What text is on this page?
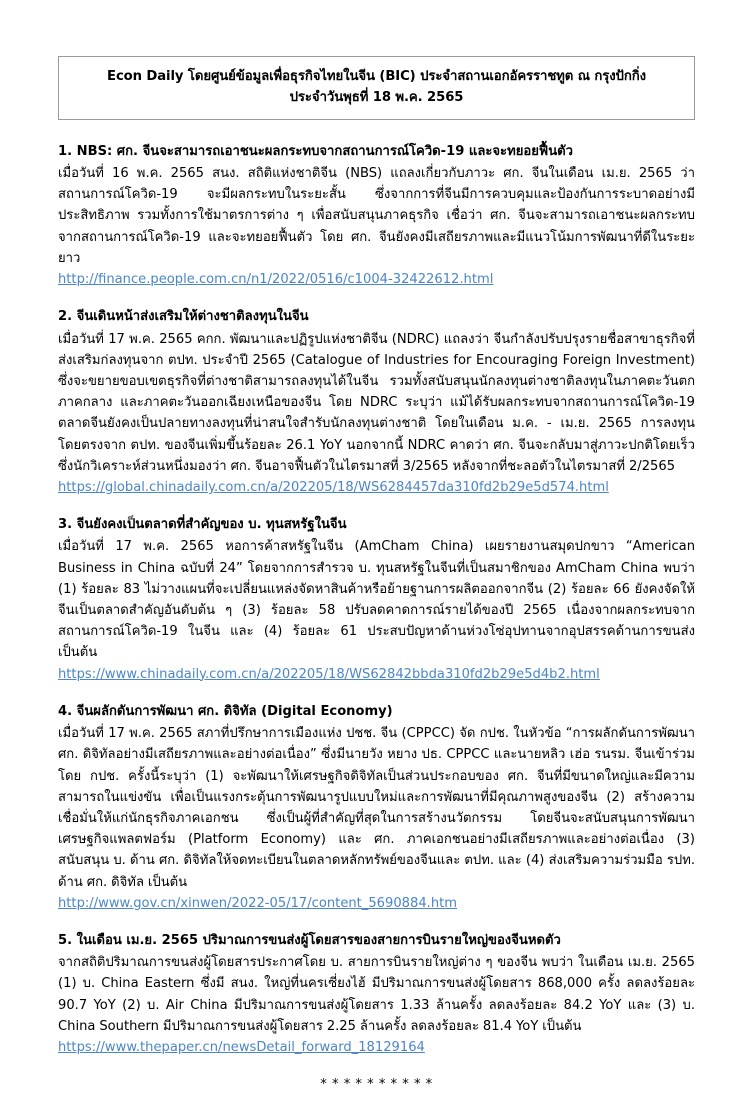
Econ Daily โดยศูนย์ข้อมูลเพื่อธุรกิจไทยในจีน (BIC) ประจำสถานเอกอัครราชทูต ณ กรุงปักกิ่ง
ประจำวันพุธที่ 18 พ.ค. 2565

1. NBS: ศก. จีนจะสามารถเอาชนะผลกระทบจากสถานการณ์โควิด-19 และจะทยอยฟื้นตัว

เมื่อวันที่ 16 พ.ค. 2565 สนง. สถิติแห่งชาติจีน (NBS) แถลงเกี่ยวกับภาวะ ศก. จีนในเดือน เม.ย. 2565 ว่า สถานการณ์โควิด-19 จะมีผลกระทบในระยะสั้น ซึ่งจากการที่จีนมีการควบคุมและป้องกันการระบาดอย่างมีประสิทธิภาพ รวมทั้งการใช้มาตรการต่าง ๆ เพื่อสนับสนุนภาคธุรกิจ เชื่อว่า ศก. จีนจะสามารถเอาชนะผลกระทบจากสถานการณ์โควิด-19 และจะทยอยฟื้นตัว โดย ศก. จีนยังคงมีเสถียรภาพและมีแนวโน้มการพัฒนาที่ดีในระยะยาว

http://finance.people.com.cn/n1/2022/0516/c1004-32422612.html

2. จีนเดินหน้าส่งเสริมให้ต่างชาติลงทุนในจีน

เมื่อวันที่ 17 พ.ค. 2565 คกก. พัฒนาและปฏิรูปแห่งชาติจีน (NDRC) แถลงว่า จีนกำลังปรับปรุงรายชื่อสาขาธุรกิจที่ส่งเสริมก่ลงทุนจาก ตปท. ประจำปี 2565 (Catalogue of Industries for Encouraging Foreign Investment) ซึ่งจะขยายขอบเขตธุรกิจที่ต่างชาติสามารถลงทุนได้ในจีน รวมทั้งสนับสนุนนักลงทุนต่างชาติลงทุนในภาคตะวันตก ภาคกลาง และภาคตะวันออกเฉียงเหนือของจีน โดย NDRC ระบุว่า แม้ได้รับผลกระทบจากสถานการณ์โควิด-19 ตลาดจีนยังคงเป็นปลายทางลงทุนที่น่าสนใจสำรับนักลงทุนต่างชาติ โดยในเดือน ม.ค. - เม.ย. 2565 การลงทุนโดยตรงจาก ตปท. ของจีนเพิ่มขึ้นร้อยละ 26.1 YoY นอกจากนี้ NDRC คาดว่า ศก. จีนจะกลับมาสู่ภาวะปกติโดยเร็ว ซึ่งนักวิเคราะห์ส่วนหนึ่งมองว่า ศก. จีนอาจฟื้นตัวในไตรมาสที่ 3/2565 หลังจากที่ชะลอตัวในไตรมาสที่ 2/2565

https://global.chinadaily.com.cn/a/202205/18/WS6284457da310fd2b29e5d574.html

3. จีนยังคงเป็นตลาดที่สำคัญของ บ. ทุนสหรัฐในจีน

เมื่อวันที่ 17 พ.ค. 2565 หอการค้าสหรัฐในจีน (AmCham China) เผยรายงานสมุดปกขาว “American Business in China ฉบับที่ 24” โดยจากการสำรวจ บ. ทุนสหรัฐในจีนที่เป็นสมาชิกของ AmCham China พบว่า (1) ร้อยละ 83 ไม่วางแผนที่จะเปลี่ยนแหล่งจัดหาสินค้าหรือย้ายฐานการผลิตออกจากจีน (2) ร้อยละ 66 ยังคงจัดให้จีนเป็นตลาดสำคัญอันดับต้น ๆ (3) ร้อยละ 58 ปรับลดคาดการณ์รายได้ของปี 2565 เนื่องจากผลกระทบจากสถานการณ์โควิด-19 ในจีน และ (4) ร้อยละ 61 ประสบปัญหาด้านห่วงโซ่อุปทานจากอุปสรรคด้านการขนส่ง เป็นต้น

https://www.chinadaily.com.cn/a/202205/18/WS62842bbda310fd2b29e5d4b2.html

4. จีนผลักดันการพัฒนา ศก. ดิจิทัล (Digital Economy)

เมื่อวันที่ 17 พ.ค. 2565 สภาที่ปรึกษาการเมืองแห่ง ปชช. จีน (CPPCC) จัด กปช. ในหัวข้อ “การผลักดันการพัฒนา ศก. ดิจิทัลอย่างมีเสถียรภาพและอย่างต่อเนื่อง” ซึ่งมีนายวัง หยาง ปธ. CPPCC และนายหลิว เฮ่อ รนรม. จีนเข้าร่วม โดย กปช. ครั้งนี้ระบุว่า (1) จะพัฒนาให้เศรษฐกิจดิจิทัลเป็นส่วนประกอบของ ศก. จีนที่มีขนาดใหญ่และมีความสามารถในแข่งขัน เพื่อเป็นแรงกระตุ้นการพัฒนารูปแบบใหม่และการพัฒนาที่มีคุณภาพสูงของจีน (2) สร้างความเชื่อมั่นให้แก่นักธุรกิจภาคเอกชน ซึ่งเป็นผู้ที่สำคัญที่สุดในการสร้างนวัตกรรม โดยจีนจะสนับสนุนการพัฒนาเศรษฐกิจแพลตฟอร์ม (Platform Economy) และ ศก. ภาคเอกชนอย่างมีเสถียรภาพและอย่างต่อเนื่อง (3) สนับสนุน บ. ด้าน ศก. ดิจิทัลให้จดทะเบียนในตลาดหลักทรัพย์ของจีนและ ตปท. และ (4) ส่งเสริมความร่วมมือ รปท. ด้าน ศก. ดิจิทัล เป็นต้น

http://www.gov.cn/xinwen/2022-05/17/content_5690884.htm

5. ในเดือน เม.ย. 2565 ปริมาณการขนส่งผู้โดยสารของสายการบินรายใหญ่ของจีนหดตัว

จากสถิติปริมาณการขนส่งผู้โดยสารประกาศโดย บ. สายการบินรายใหญ่ต่าง ๆ ของจีน พบว่า ในเดือน เม.ย. 2565 (1) บ. China Eastern ซึ่งมี สนง. ใหญ่ที่นครเซี่ยงไฮ้ มีปริมาณการขนส่งผู้โดยสาร 868,000 ครั้ง ลดลงร้อยละ 90.7 YoY (2) บ. Air China มีปริมาณการขนส่งผู้โดยสาร 1.33 ล้านครั้ง ลดลงร้อยละ 84.2 YoY และ (3) บ. China Southern มีปริมาณการขนส่งผู้โดยสาร 2.25 ล้านครั้ง ลดลงร้อยละ 81.4 YoY เป็นต้น

https://www.thepaper.cn/newsDetail_forward_18129164
* * * * * * * * * *
